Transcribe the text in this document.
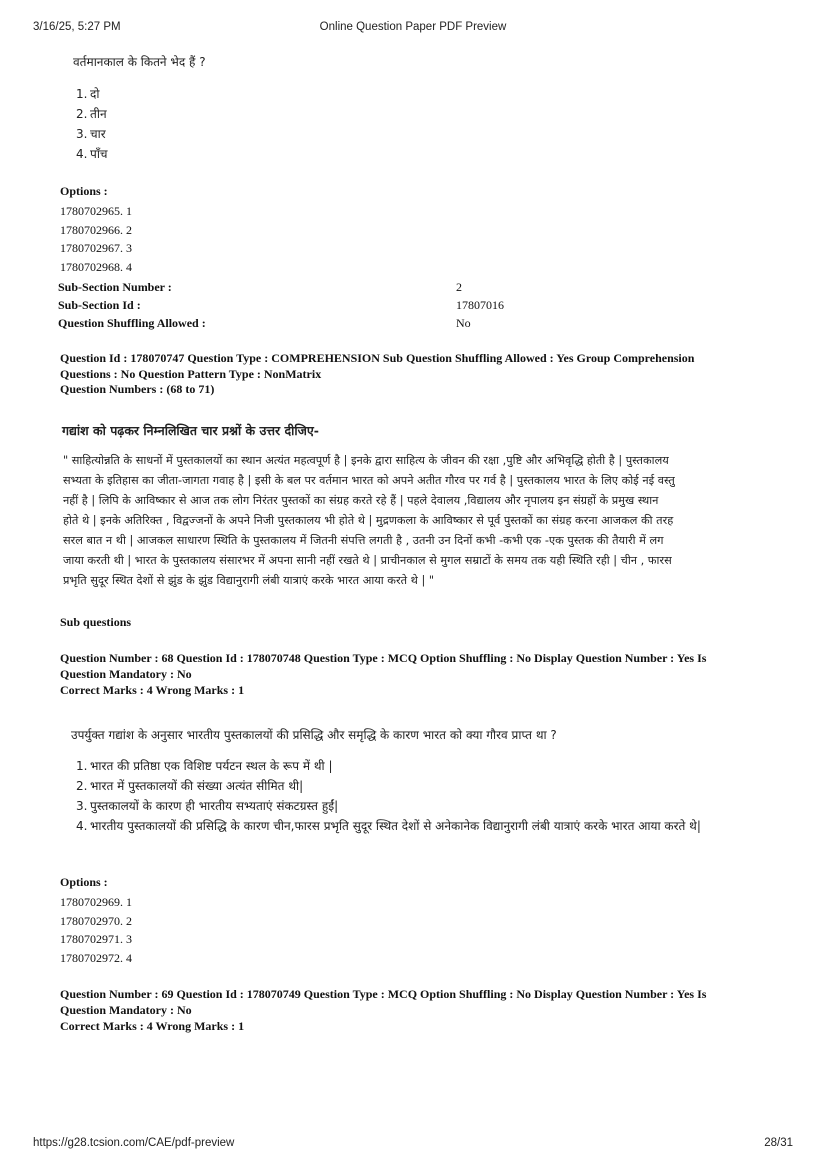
3/16/25, 5:27 PM	Online Question Paper PDF Preview
वर्तमानकाल के कितने भेद हैं ?
1. दो
2. तीन
3. चार
4. पाँच
Options :
1780702965. 1
1780702966. 2
1780702967. 3
1780702968. 4
Sub-Section Number :	2
Sub-Section Id :	17807016
Question Shuffling Allowed :	No
Question Id : 178070747 Question Type : COMPREHENSION Sub Question Shuffling Allowed : Yes Group Comprehension
Questions : No Question Pattern Type : NonMatrix
Question Numbers : (68 to 71)
गद्यांश को पढ़कर निम्नलिखित चार प्रश्नों के उत्तर दीजिए-
" साहित्योन्नति के साधनों में पुस्तकालयों का स्थान अत्यंत महत्वपूर्ण है | इनके द्वारा साहित्य के जीवन की रक्षा ,पुष्टि और अभिवृद्धि होती है | पुस्तकालय
सभ्यता के इतिहास का जीता-जागता गवाह है | इसी के बल पर वर्तमान भारत को अपने अतीत गौरव पर गर्व है | पुस्तकालय भारत के लिए कोई नई वस्तु
नहीं है | लिपि के आविष्कार से आज तक लोग निरंतर पुस्तकों का संग्रह करते रहे हैं | पहले देवालय ,विद्यालय और नृपालय इन संग्रहों के प्रमुख स्थान
होते थे | इनके अतिरिक्त , विद्वज्जनों के अपने निजी पुस्तकालय भी होते थे | मुद्रणकला के आविष्कार से पूर्व पुस्तकों का संग्रह करना आजकल की तरह
सरल बात न थी | आजकल साधारण स्थिति के पुस्तकालय में जितनी संपत्ति लगती है , उतनी उन दिनों कभी -कभी एक -एक पुस्तक की तैयारी में लग
जाया करती थी | भारत के पुस्तकालय संसारभर में अपना सानी नहीं रखते थे | प्राचीनकाल से मुगल सम्राटों के समय तक यही स्थिति रही | चीन , फारस
प्रभृति सुदूर स्थित देशों से झुंड के झुंड विद्यानुरागी लंबी यात्राएं करके भारत आया करते थे | "
Sub questions
Question Number : 68 Question Id : 178070748 Question Type : MCQ Option Shuffling : No Display Question Number : Yes Is
Question Mandatory : No
Correct Marks : 4 Wrong Marks : 1
उपर्युक्त गद्यांश के अनुसार भारतीय पुस्तकालयों की प्रसिद्धि और समृद्धि के कारण भारत को क्या गौरव प्राप्त था ?
1. भारत की प्रतिष्ठा एक विशिष्ट पर्यटन स्थल के रूप में थी |
2. भारत में पुस्तकालयों की संख्या अत्यंत सीमित थी|
3. पुस्तकालयों के कारण ही भारतीय सभ्यताएं संकटग्रस्त हुईं|
4. भारतीय पुस्तकालयों की प्रसिद्धि के कारण चीन,फारस प्रभृति सुदूर स्थित देशों से अनेकानेक विद्यानुरागी लंबी यात्राएं करके भारत आया करते थे|
Options :
1780702969. 1
1780702970. 2
1780702971. 3
1780702972. 4
Question Number : 69 Question Id : 178070749 Question Type : MCQ Option Shuffling : No Display Question Number : Yes Is
Question Mandatory : No
Correct Marks : 4 Wrong Marks : 1
https://g28.tcsion.com/CAE/pdf-preview	28/31
